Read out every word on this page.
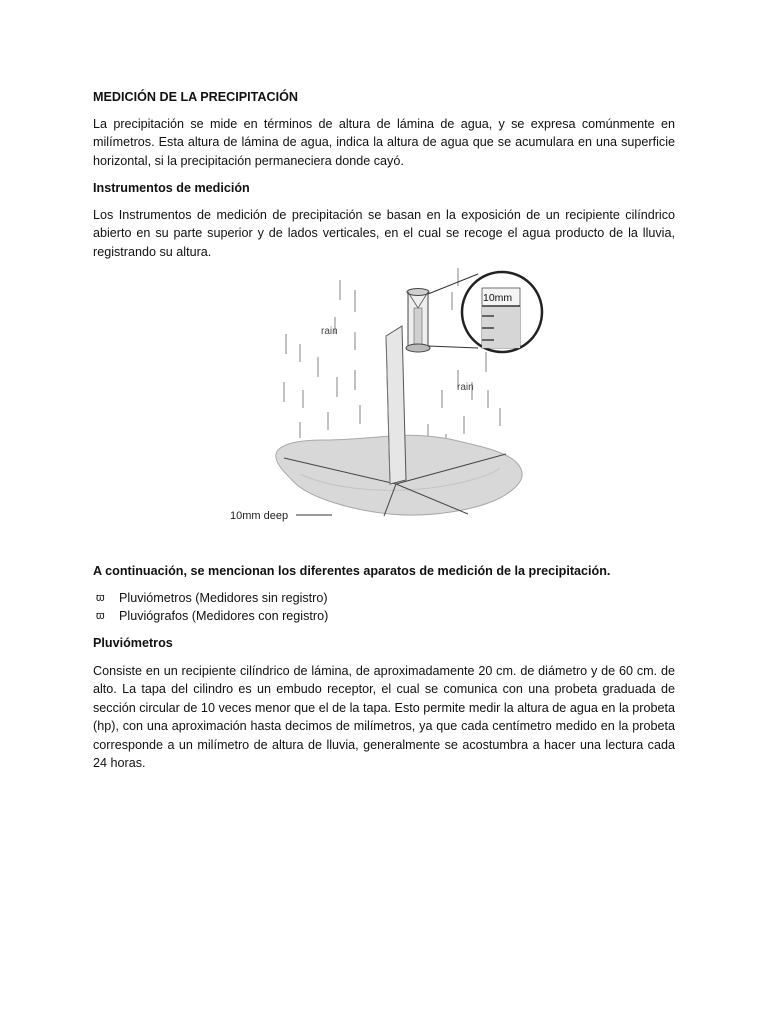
MEDICIÓN DE LA PRECIPITACIÓN

La precipitación se mide en términos de altura de lámina de agua, y se expresa comúnmente en milímetros. Esta altura de lámina de agua, indica la altura de agua que se acumulara en una superficie horizontal, si la precipitación permaneciera donde cayó.

Instrumentos de medición

Los Instrumentos de medición de precipitación se basan en la exposición de un recipiente cilíndrico abierto en su parte superior y de lados verticales, en el cual se recoge el agua producto de la lluvia, registrando su altura.

10mm
rain
rain
10mm deep

A continuación, se mencionan los diferentes aparatos de medición de la precipitación.

ϖ Pluviómetros (Medidores sin registro)
ϖ Pluviógrafos (Medidores con registro)

Pluviómetros

Consiste en un recipiente cilíndrico de lámina, de aproximadamente 20 cm. de diámetro y de 60 cm. de alto. La tapa del cilindro es un embudo receptor, el cual se comunica con una probeta graduada de sección circular de 10 veces menor que el de la tapa. Esto permite medir la altura de agua en la probeta (hp), con una aproximación hasta decimos de milímetros, ya que cada centímetro medido en la probeta corresponde a un milímetro de altura de lluvia, generalmente se acostumbra a hacer una lectura cada 24 horas.
